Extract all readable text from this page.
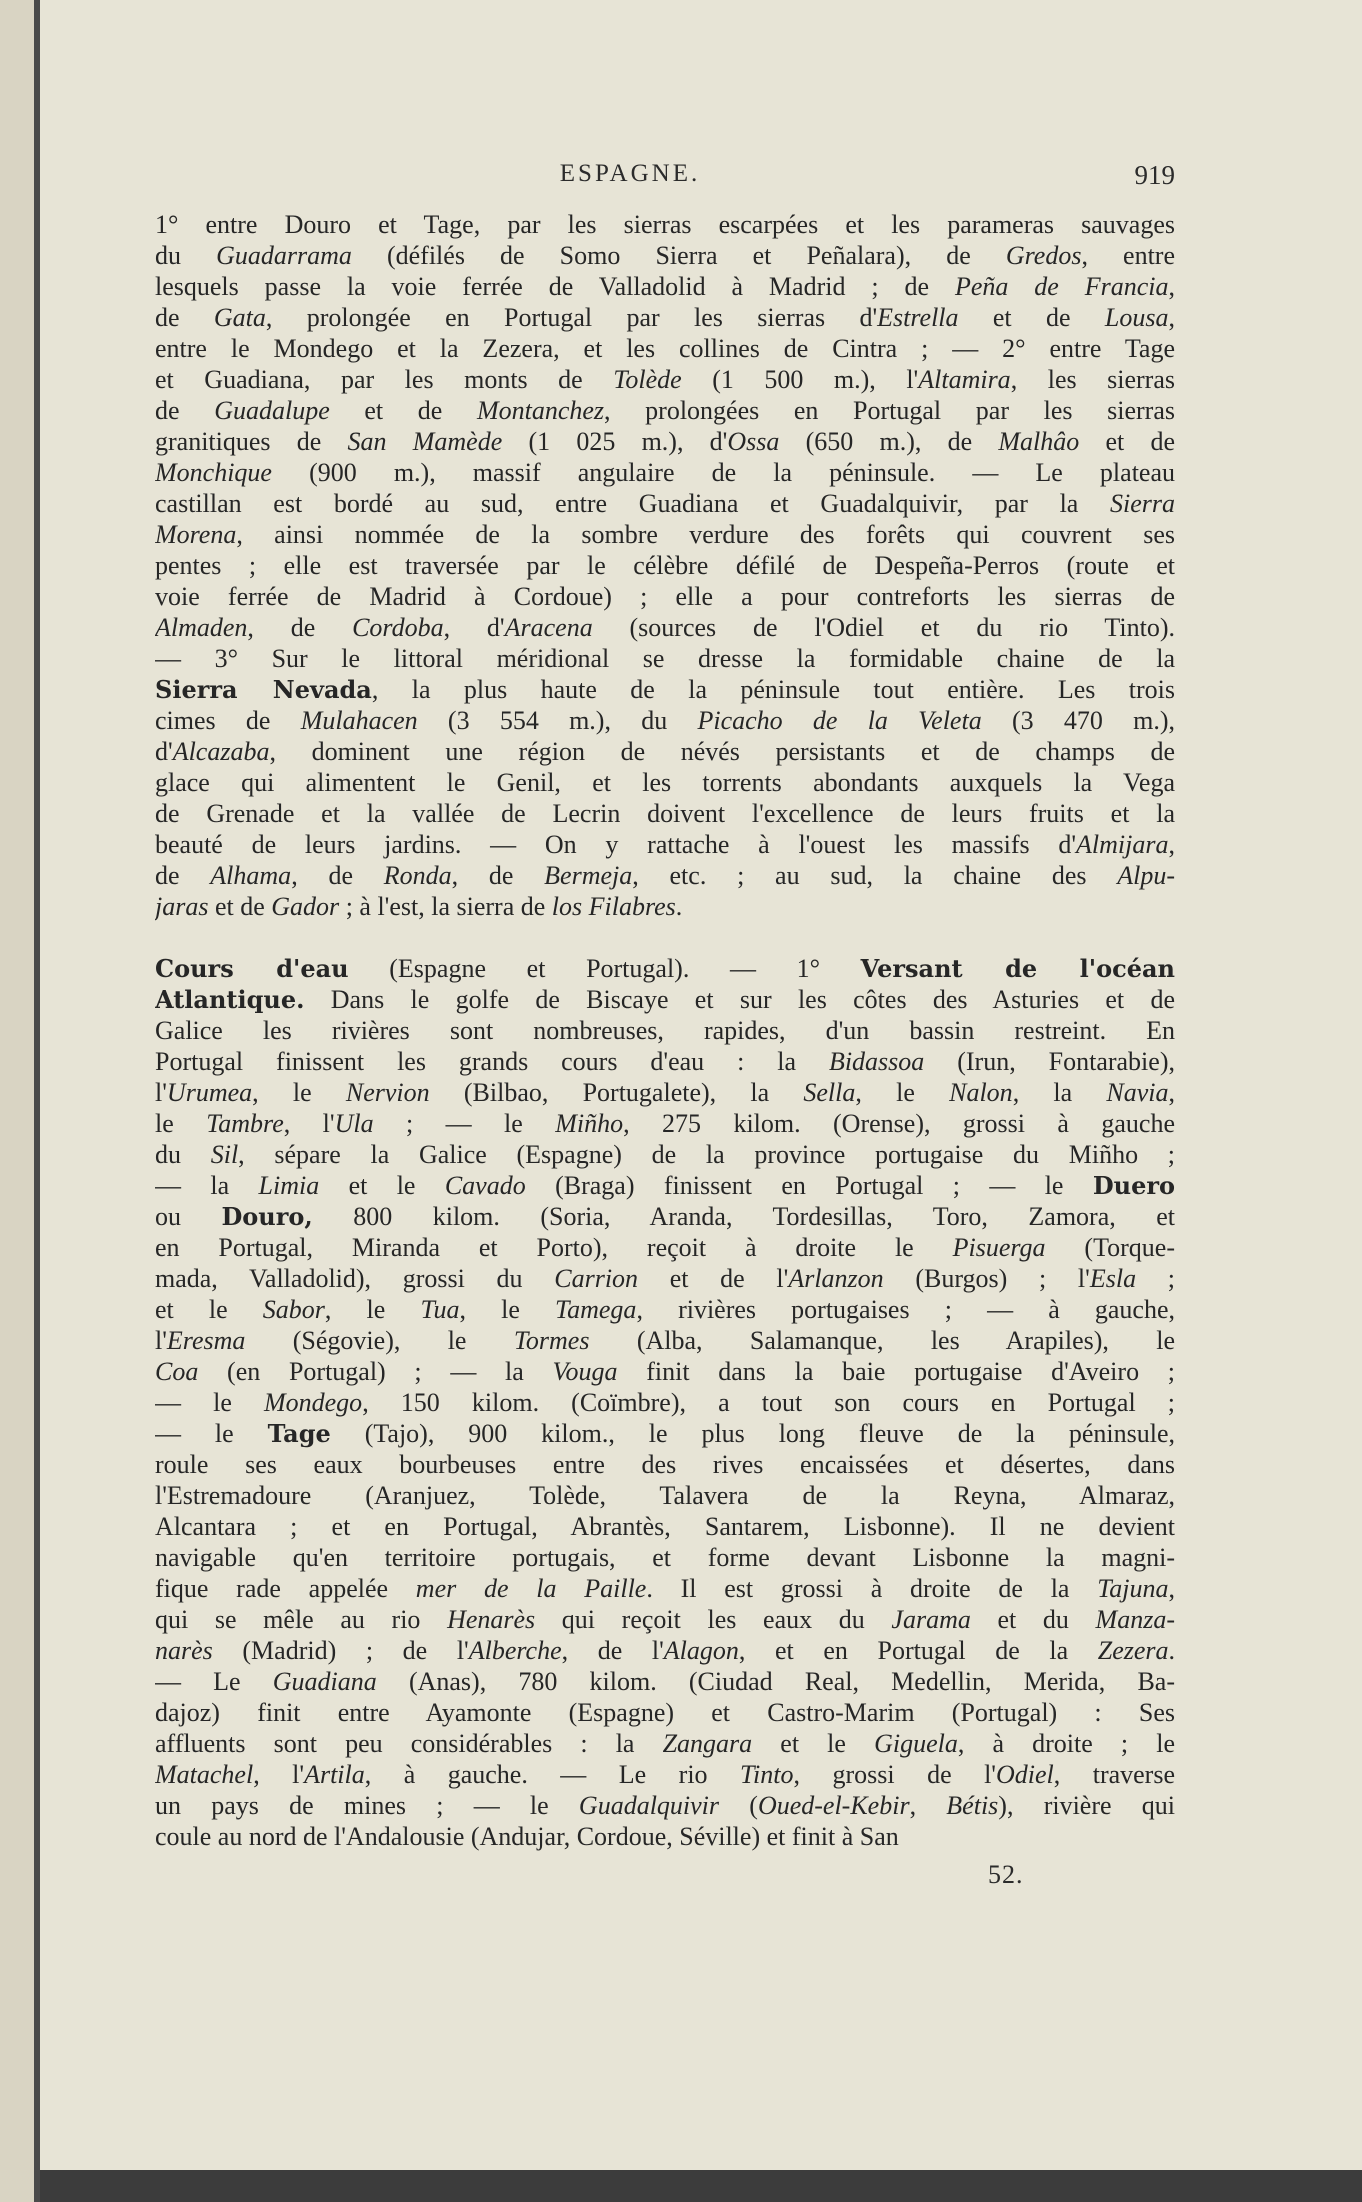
ESPAGNE.	919
1° entre Douro et Tage, par les sierras escarpées et les parameras sauvages
du Guadarrama (défilés de Somo Sierra et Peñalara), de Gredos, entre
lesquels passe la voie ferrée de Valladolid à Madrid ; de Peña de Francia,
de Gata, prolongée en Portugal par les sierras d'Estrella et de Lousa,
entre le Mondego et la Zezera, et les collines de Cintra ; — 2° entre Tage
et Guadiana, par les monts de Tolède (1 500 m.), l'Altamira, les sierras
de Guadalupe et de Montanchez, prolongées en Portugal par les sierras
granitiques de San Mamède (1 025 m.), d'Ossa (650 m.), de Malhâo et de
Monchique (900 m.), massif angulaire de la péninsule. — Le plateau
castillan est bordé au sud, entre Guadiana et Guadalquivir, par la Sierra
Morena, ainsi nommée de la sombre verdure des forêts qui couvrent ses
pentes ; elle est traversée par le célèbre défilé de Despeña-Perros (route et
voie ferrée de Madrid à Cordoue) ; elle a pour contreforts les sierras de
Almaden, de Cordoba, d'Aracena (sources de l'Odiel et du rio Tinto).
— 3° Sur le littoral méridional se dresse la formidable chaine de la
Sierra Nevada, la plus haute de la péninsule tout entière. Les trois
cimes de Mulahacen (3 554 m.), du Picacho de la Veleta (3 470 m.),
d'Alcazaba, dominent une région de névés persistants et de champs de
glace qui alimentent le Genil, et les torrents abondants auxquels la Vega
de Grenade et la vallée de Lecrin doivent l'excellence de leurs fruits et la
beauté de leurs jardins. — On y rattache à l'ouest les massifs d'Almijara,
de Alhama, de Ronda, de Bermeja, etc. ; au sud, la chaine des Alpu-
jaras et de Gador ; à l'est, la sierra de los Filabres.
Cours d'eau (Espagne et Portugal). — 1° Versant de l'océan
Atlantique. Dans le golfe de Biscaye et sur les côtes des Asturies et de
Galice les rivières sont nombreuses, rapides, d'un bassin restreint. En
Portugal finissent les grands cours d'eau : la Bidassoa (Irun, Fontarabie),
l'Urumea, le Nervion (Bilbao, Portugalete), la Sella, le Nalon, la Navia,
le Tambre, l'Ula ; — le Miñho, 275 kilom. (Orense), grossi à gauche
du Sil, sépare la Galice (Espagne) de la province portugaise du Miñho ;
— la Limia et le Cavado (Braga) finissent en Portugal ; — le Duero
ou Douro, 800 kilom. (Soria, Aranda, Tordesillas, Toro, Zamora, et
en Portugal, Miranda et Porto), reçoit à droite le Pisuerga (Torque-
mada, Valladolid), grossi du Carrion et de l'Arlanzon (Burgos) ; l'Esla ;
et le Sabor, le Tua, le Tamega, rivières portugaises ; — à gauche,
l'Eresma (Ségovie), le Tormes (Alba, Salamanque, les Arapiles), le
Coa (en Portugal) ; — la Vouga finit dans la baie portugaise d'Aveiro ;
— le Mondego, 150 kilom. (Coïmbre), a tout son cours en Portugal ;
— le Tage (Tajo), 900 kilom., le plus long fleuve de la péninsule,
roule ses eaux bourbeuses entre des rives encaissées et désertes, dans
l'Estremadoure (Aranjuez, Tolède, Talavera de la Reyna, Almaraz,
Alcantara ; et en Portugal, Abrantès, Santarem, Lisbonne). Il ne devient
navigable qu'en territoire portugais, et forme devant Lisbonne la magni-
fique rade appelée mer de la Paille. Il est grossi à droite de la Tajuna,
qui se mêle au rio Henarès qui reçoit les eaux du Jarama et du Manza-
narès (Madrid) ; de l'Alberche, de l'Alagon, et en Portugal de la Zezera.
— Le Guadiana (Anas), 780 kilom. (Ciudad Real, Medellin, Merida, Ba-
dajoz) finit entre Ayamonte (Espagne) et Castro-Marim (Portugal) : Ses
affluents sont peu considérables : la Zangara et le Giguela, à droite ; le
Matachel, l'Artila, à gauche. — Le rio Tinto, grossi de l'Odiel, traverse
un pays de mines ; — le Guadalquivir (Oued-el-Kebir, Bétis), rivière qui
coule au nord de l'Andalousie (Andujar, Cordoue, Séville) et finit à San
52.
